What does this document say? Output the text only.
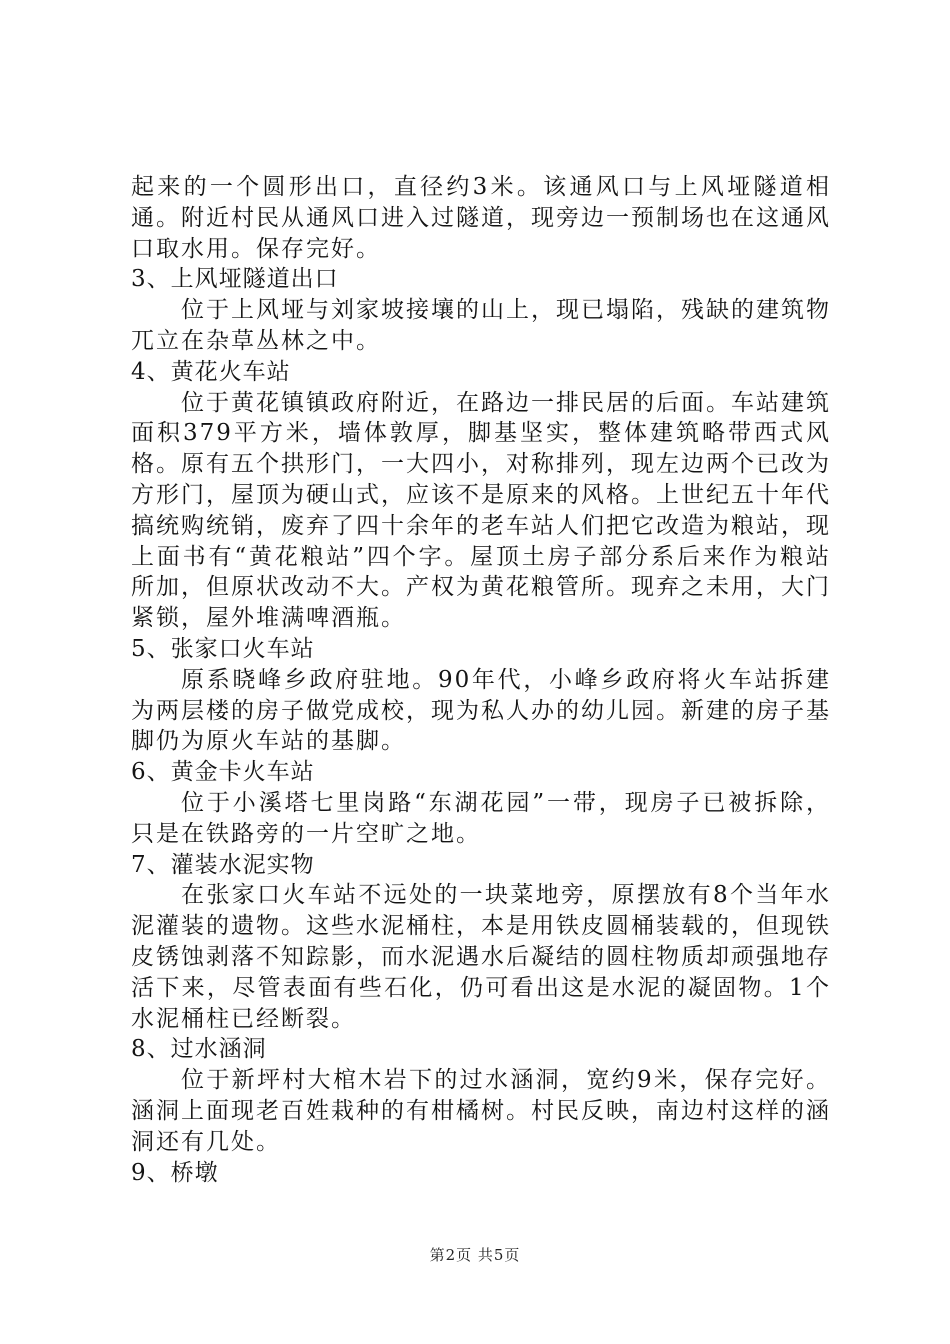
起来的一个圆形出口，直径约3米。该通风口与上风垭隧道相通。附近村民从通风口进入过隧道，现旁边一预制场也在这通风口取水用。保存完好。

3、上风垭隧道出口

位于上风垭与刘家坡接壤的山上，现已塌陷，残缺的建筑物兀立在杂草丛林之中。

4、黄花火车站

位于黄花镇镇政府附近，在路边一排民居的后面。车站建筑面积379平方米，墙体敦厚，脚基坚实，整体建筑略带西式风格。原有五个拱形门，一大四小，对称排列，现左边两个已改为方形门，屋顶为硬山式，应该不是原来的风格。上世纪五十年代搞统购统销，废弃了四十余年的老车站人们把它改造为粮站，现上面书有“黄花粮站”四个字。屋顶土房子部分系后来作为粮站所加，但原状改动不大。产权为黄花粮管所。现弃之未用，大门紧锁，屋外堆满啤酒瓶。

5、张家口火车站

原系晓峰乡政府驻地。90年代，小峰乡政府将火车站拆建为两层楼的房子做党成校，现为私人办的幼儿园。新建的房子基脚仍为原火车站的基脚。

6、黄金卡火车站

位于小溪塔七里岗路“东湖花园”一带，现房子已被拆除，只是在铁路旁的一片空旷之地。

7、灌装水泥实物

在张家口火车站不远处的一块菜地旁，原摆放有8个当年水泥灌装的遗物。这些水泥桶柱，本是用铁皮圆桶装载的，但现铁皮锈蚀剥落不知踪影，而水泥遇水后凝结的圆柱物质却顽强地存活下来，尽管表面有些石化，仍可看出这是水泥的凝固物。1个水泥桶柱已经断裂。

8、过水涵洞

位于新坪村大棺木岩下的过水涵洞，宽约9米，保存完好。涵洞上面现老百姓栽种的有柑橘树。村民反映，南边村这样的涵洞还有几处。

9、桥墩

第2页 共5页
